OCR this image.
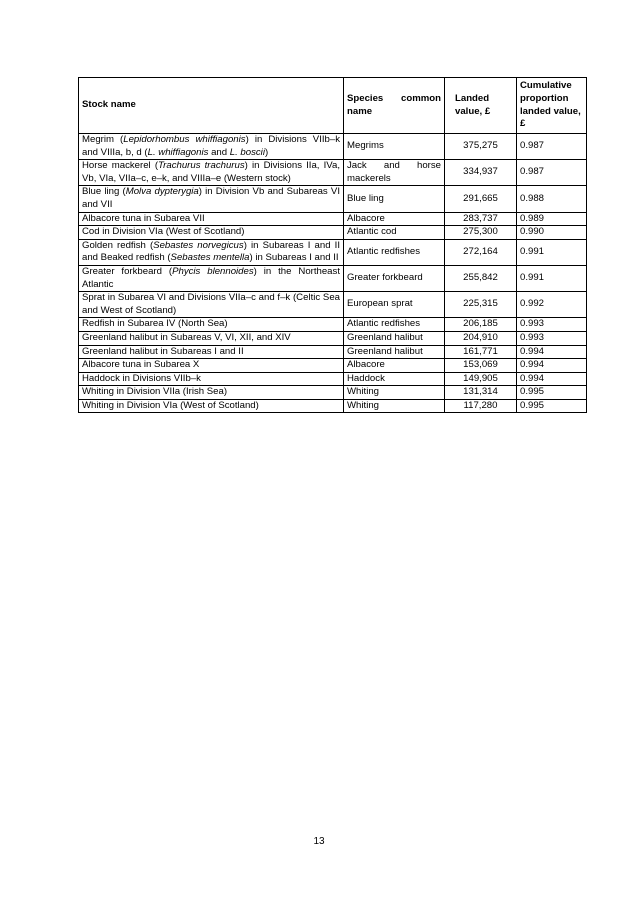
Stock name	Species common name	Landed value, £	Cumulative proportion landed value, £
Megrim (Lepidorhombus whiffiagonis) in Divisions VIIb–k and VIIIa, b, d (L. whiffiagonis and L. boscii)	Megrims	375,275	0.987
Horse mackerel (Trachurus trachurus) in Divisions IIa, IVa, Vb, VIa, VIIa–c, e–k, and VIIIa–e (Western stock)	Jack and horse mackerels	334,937	0.987
Blue ling (Molva dypterygia) in Division Vb and Subareas VI and VII	Blue ling	291,665	0.988
Albacore tuna in Subarea VII	Albacore	283,737	0.989
Cod in Division VIa (West of Scotland)	Atlantic cod	275,300	0.990
Golden redfish (Sebastes norvegicus) in Subareas I and II and Beaked redfish (Sebastes mentella) in Subareas I and II	Atlantic redfishes	272,164	0.991
Greater forkbeard (Phycis blennoides) in the Northeast Atlantic	Greater forkbeard	255,842	0.991
Sprat in Subarea VI and Divisions VIIa–c and f–k (Celtic Sea and West of Scotland)	European sprat	225,315	0.992
Redfish in Subarea IV (North Sea)	Atlantic redfishes	206,185	0.993
Greenland halibut in Subareas V, VI, XII, and XIV	Greenland halibut	204,910	0.993
Greenland halibut in Subareas I and II	Greenland halibut	161,771	0.994
Albacore tuna in Subarea X	Albacore	153,069	0.994
Haddock in Divisions VIIb–k	Haddock	149,905	0.994
Whiting in Division VIIa (Irish Sea)	Whiting	131,314	0.995
Whiting in Division VIa (West of Scotland)	Whiting	117,280	0.995
13
